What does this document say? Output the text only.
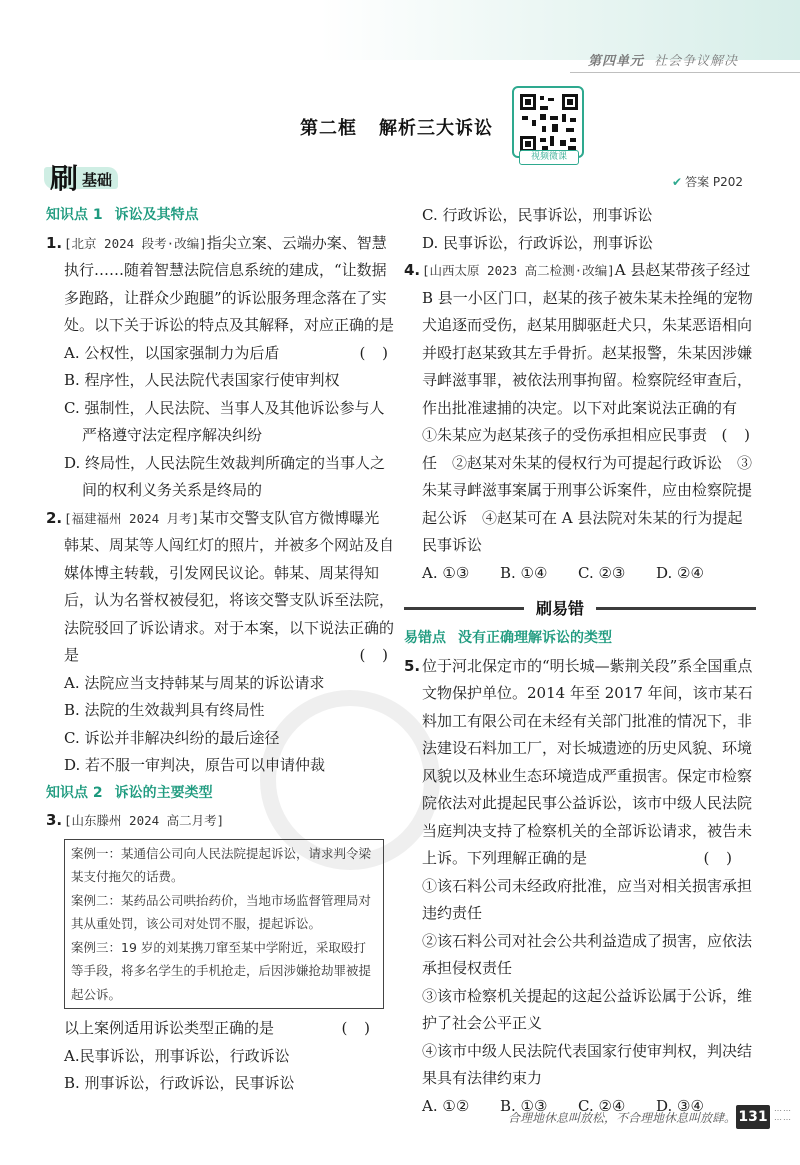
第四单元 社会争议解决
第二框 解析三大诉讼
视频微课
刷 基础	✔ 答案 P202
知识点 1 诉讼及其特点
1. [北京 2024 段考·改编]指尖立案、云端办案、智慧执行……随着智慧法院信息系统的建成，“让数据多跑路，让群众少跑腿”的诉讼服务理念落在了实处。以下关于诉讼的特点及其解释，对应正确的是
( )
A. 公权性，以国家强制力为后盾
B. 程序性，人民法院代表国家行使审判权
C. 强制性，人民法院、当事人及其他诉讼参与人严格遵守法定程序解决纠纷
D. 终局性，人民法院生效裁判所确定的当事人之间的权利义务关系是终局的
2. [福建福州 2024 月考]某市交警支队官方微博曝光韩某、周某等人闯红灯的照片，并被多个网站及自媒体博主转载，引发网民议论。韩某、周某得知后，认为名誉权被侵犯，将该交警支队诉至法院，法院驳回了诉讼请求。对于本案，以下说法正确的是	( )
A. 法院应当支持韩某与周某的诉讼请求
B. 法院的生效裁判具有终局性
C. 诉讼并非解决纠纷的最后途径
D. 若不服一审判决，原告可以申请仲裁
知识点 2 诉讼的主要类型
3. [山东滕州 2024 高二月考]
案例一：某通信公司向人民法院提起诉讼，请求判令梁某支付拖欠的话费。
案例二：某药品公司哄抬药价，当地市场监督管理局对其从重处罚，该公司对处罚不服，提起诉讼。
案例三：19 岁的刘某携刀窜至某中学附近，采取殴打等手段，将多名学生的手机抢走，后因涉嫌抢劫罪被提起公诉。
以上案例适用诉讼类型正确的是	( )
A.民事诉讼，刑事诉讼，行政诉讼
B. 刑事诉讼，行政诉讼，民事诉讼
C. 行政诉讼，民事诉讼，刑事诉讼
D. 民事诉讼，行政诉讼，刑事诉讼
4. [山西太原 2023 高二检测·改编]A 县赵某带孩子经过 B 县一小区门口，赵某的孩子被朱某未拴绳的宠物犬追逐而受伤，赵某用脚驱赶犬只，朱某恶语相向并殴打赵某致其左手骨折。赵某报警，朱某因涉嫌寻衅滋事罪，被依法刑事拘留。检察院经审查后，作出批准逮捕的决定。以下对此案说法正确的有
( )
①朱某应为赵某孩子的受伤承担相应民事责任　②赵某对朱某的侵权行为可提起行政诉讼　③朱某寻衅滋事案属于刑事公诉案件，应由检察院提起公诉　④赵某可在 A 县法院对朱某的行为提起民事诉讼
A. ①③ B. ①④ C. ②③ D. ②④
刷易错
易错点 没有正确理解诉讼的类型
5. 位于河北保定市的“明长城—紫荆关段”系全国重点文物保护单位。2014 年至 2017 年间，该市某石料加工有限公司在未经有关部门批准的情况下，非法建设石料加工厂，对长城遗迹的历史风貌、环境风貌以及林业生态环境造成严重损害。保定市检察院依法对此提起民事公益诉讼，该市中级人民法院当庭判决支持了检察机关的全部诉讼请求，被告未上诉。下列理解正确的是	( )
①该石料公司未经政府批准，应当对相关损害承担违约责任
②该石料公司对社会公共利益造成了损害，应依法承担侵权责任
③该市检察机关提起的这起公益诉讼属于公诉，维护了社会公平正义
④该市中级人民法院代表国家行使审判权，判决结果具有法律约束力
A. ①② B. ①③ C. ②④ D. ③④
合理地休息叫放松，不合理地休息叫放肆。 131 ⋯⋯
⋯⋯
